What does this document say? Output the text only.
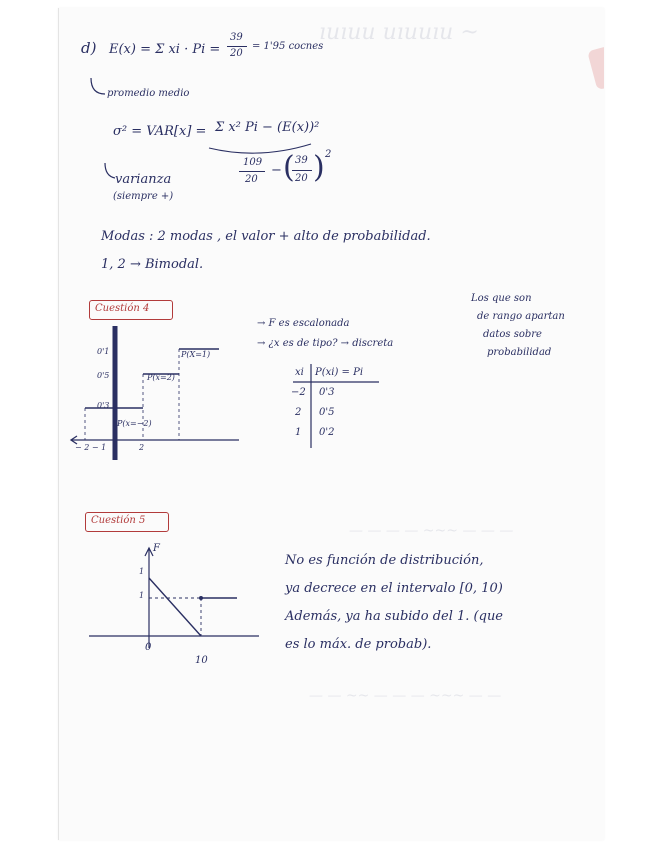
ıuıuu uıuuıu ~
— — — — ~~~ — — —
— — ~~ — — — ~~~ — —
d) E(x) = Σ xi · Pi =
39
20
= 1'95 cocnes
promedio medio
σ² = VAR[x] = Σ x² Pi − (E(x))²
varianza
(siempre +)
109
20
− ( 39
20 ) 2
Modas : 2 modas , el valor + alto de probabilidad.
1, 2 → Bimodal.
Cuestión 4
0'1
0'5
0'3
P(X=1)
P(x=2)
P(x=−2)
− 2 − 1	2
→ F es escalonada
→ ¿x es de tipo? → discreta
Los que son
de rango apartan
datos sobre
probabilidad
xi P(xi) = Pi
−2 0'3
2 0'5
1 0'2
Cuestión 5
F
1
1
0
10
No es función de distribución,
ya decrece en el intervalo [0, 10)
Además, ya ha subido del 1. (que
es lo máx. de probab).
